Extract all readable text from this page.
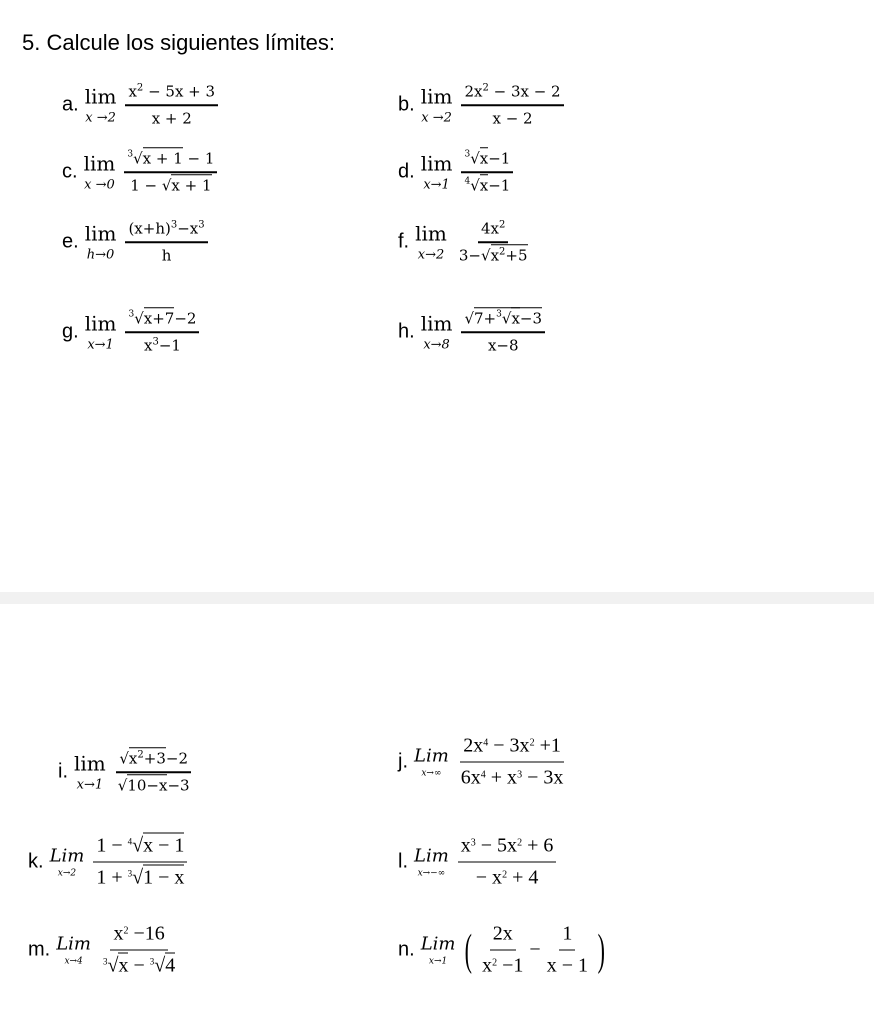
5. Calcule los siguientes límites:
a. lim
$x \to 2 \frac{x^2 - 5x + 3}{x + 2}$	b. lim
$x \to 2 \frac{2x^2 - 3x - 2}{x - 2}$
c. lim
$x \to 0 \frac{^3√x + 1 - 1}{1 - √x + 1}$	d. lim
$x\to 1 \frac{^3√x-1}{^4√x-1}$
e. lim
$h\to 0 \frac{(x+h)^3-x^3}{h}$	f. lim
$x\to 2 \frac{4x^2}{3-√x^2+5}$
g. lim
$x\to 1 \frac{^3√x+7-2}{x^3-1}$	h. lim
$x\to 8 \frac{√7+^3√x-3}{x-8}$
i. lim
$x\to 1 \frac{√x^2+3-2}{√10-x-3}$	j. Lim
$x\to\infty \frac{2x^4 - 3x^2 +1}{6x^4 + x^3 - 3x}$
k. Lim
$x\to 2 \frac{1 - ^4√x - 1}{1 + ^3√1 - x}$	l. Lim
$x\to-\infty \frac{x^3 - 5x^2 + 6}{- x^2 + 4}$
m. Lim
$x\to 4 \frac{x^2 -16}{^3√x - ^3√4}$	n. Lim
x→1 ( $\frac{2x}{x^2 -1} - \frac{1}{x - 1}$ )
